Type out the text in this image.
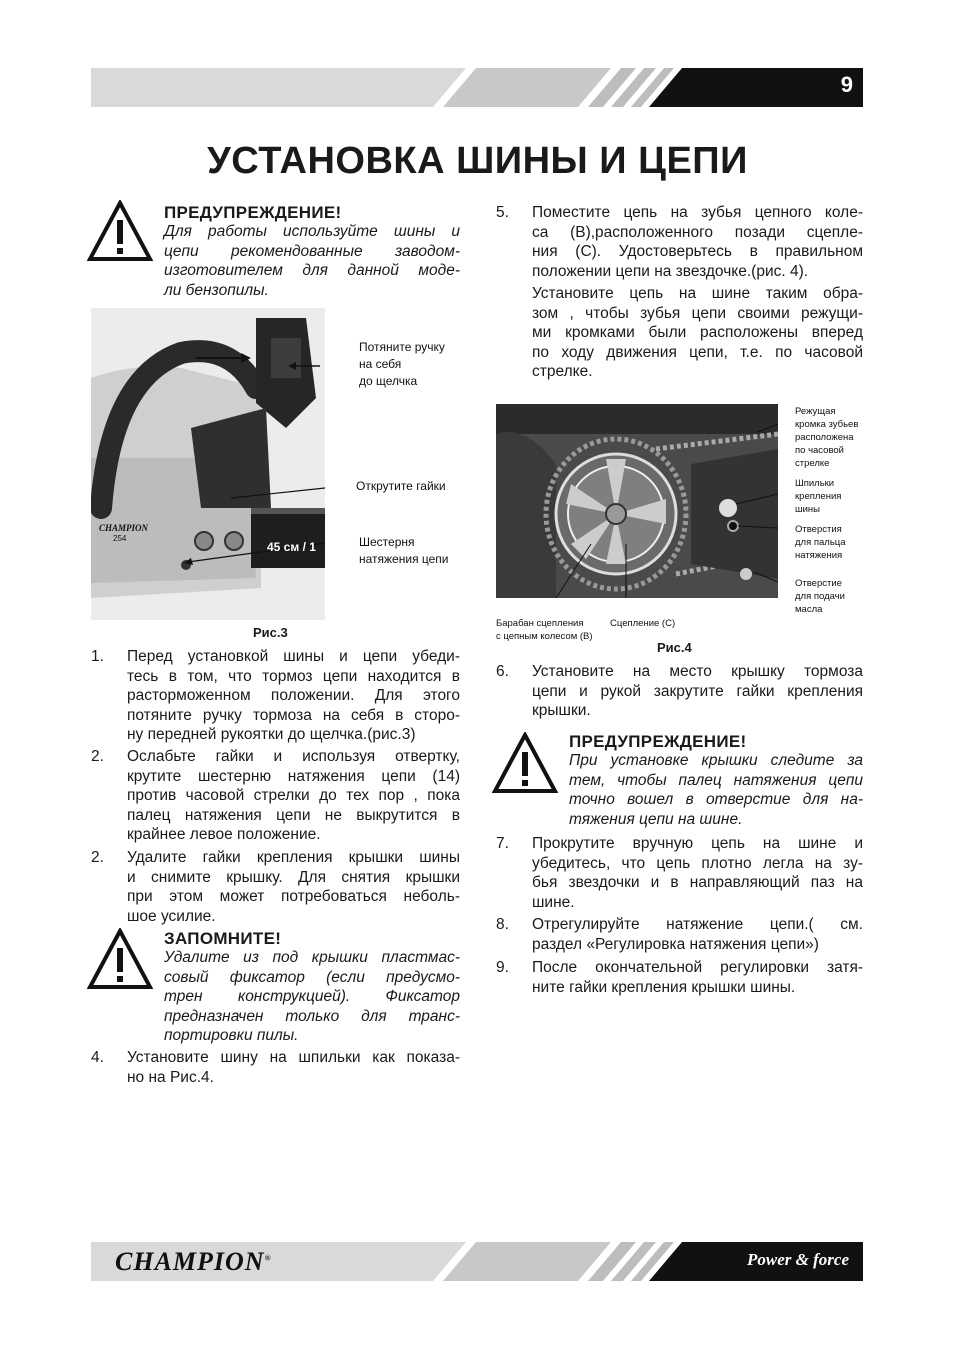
9
УСТАНОВКА ШИНЫ И ЦЕПИ
ПРЕДУПРЕЖДЕНИЕ!
Для работы используйте шины и
цепи рекомендованные заводом-
изготовителем для данной моде-
ли бензопилы.
CHAMPION
254
45 см / 1
Потяните ручку
на себя
до щелчка
Открутите гайки
Шестерня
натяжения цепи
Рис.3
1. Перед установкой шины и цепи убеди-
тесь в том, что тормоз цепи находится в
расторможенном положении. Для этого
потяните ручку тормоза на себя в сторо-
ну передней рукоятки до щелчка.(рис.3)
2. Ослабьте гайки и используя отвертку,
крутите шестерню натяжения цепи (14)
против часовой стрелки до тех пор , пока
палец натяжения цепи не выкрутится в
крайнее левое положение.
2. Удалите гайки крепления крышки шины
и снимите крышку. Для снятия крышки
при этом может потребоваться неболь-
шое усилие.
ЗАПОМНИТЕ!
Удалите из под крышки пластмас-
совый фиксатор (если предусмо-
трен конструкцией). Фиксатор
предназначен только для транс-
портировки пилы.
4. Установите шину на шпильки как показа-
но на Рис.4.
5. Поместите цепь на зубья цепного коле-
са (В),расположенного позади сцепле-
ния (С). Удостоверьтесь в правильном
положении цепи на звездочке.(рис. 4).
Установите цепь на шине таким обра-
зом , чтобы зубья цепи своими режущи-
ми кромками были расположены вперед
по ходу движения цепи, т.е. по часовой
стрелке.
Режущая
кромка зубьев
расположена
по часовой
стрелке
Шпильки
крепления
шины
Отверстия
для пальца
натяжения
Отверстие
для подачи
масла
Барабан сцепления
с цепным колесом (В)
Сцепление (С)
Рис.4
6. Установите на место крышку тормоза
цепи и рукой закрутите гайки крепления
крышки.
ПРЕДУПРЕЖДЕНИЕ!
При установке крышки следите за
тем, чтобы палец натяжения цепи
точно вошел в отверстие для на-
тяжения цепи на шине.
7. Прокрутите вручную цепь на шине и
убедитесь, что цепь плотно легла на зу-
бья звездочки и в направляющий паз на
шине.
8. Отрегулируйте натяжение цепи.( см.
раздел «Регулировка натяжения цепи»)
9. После окончательной регулировки затя-
ните гайки крепления крышки шины.
CHAMPION®	Power & force
